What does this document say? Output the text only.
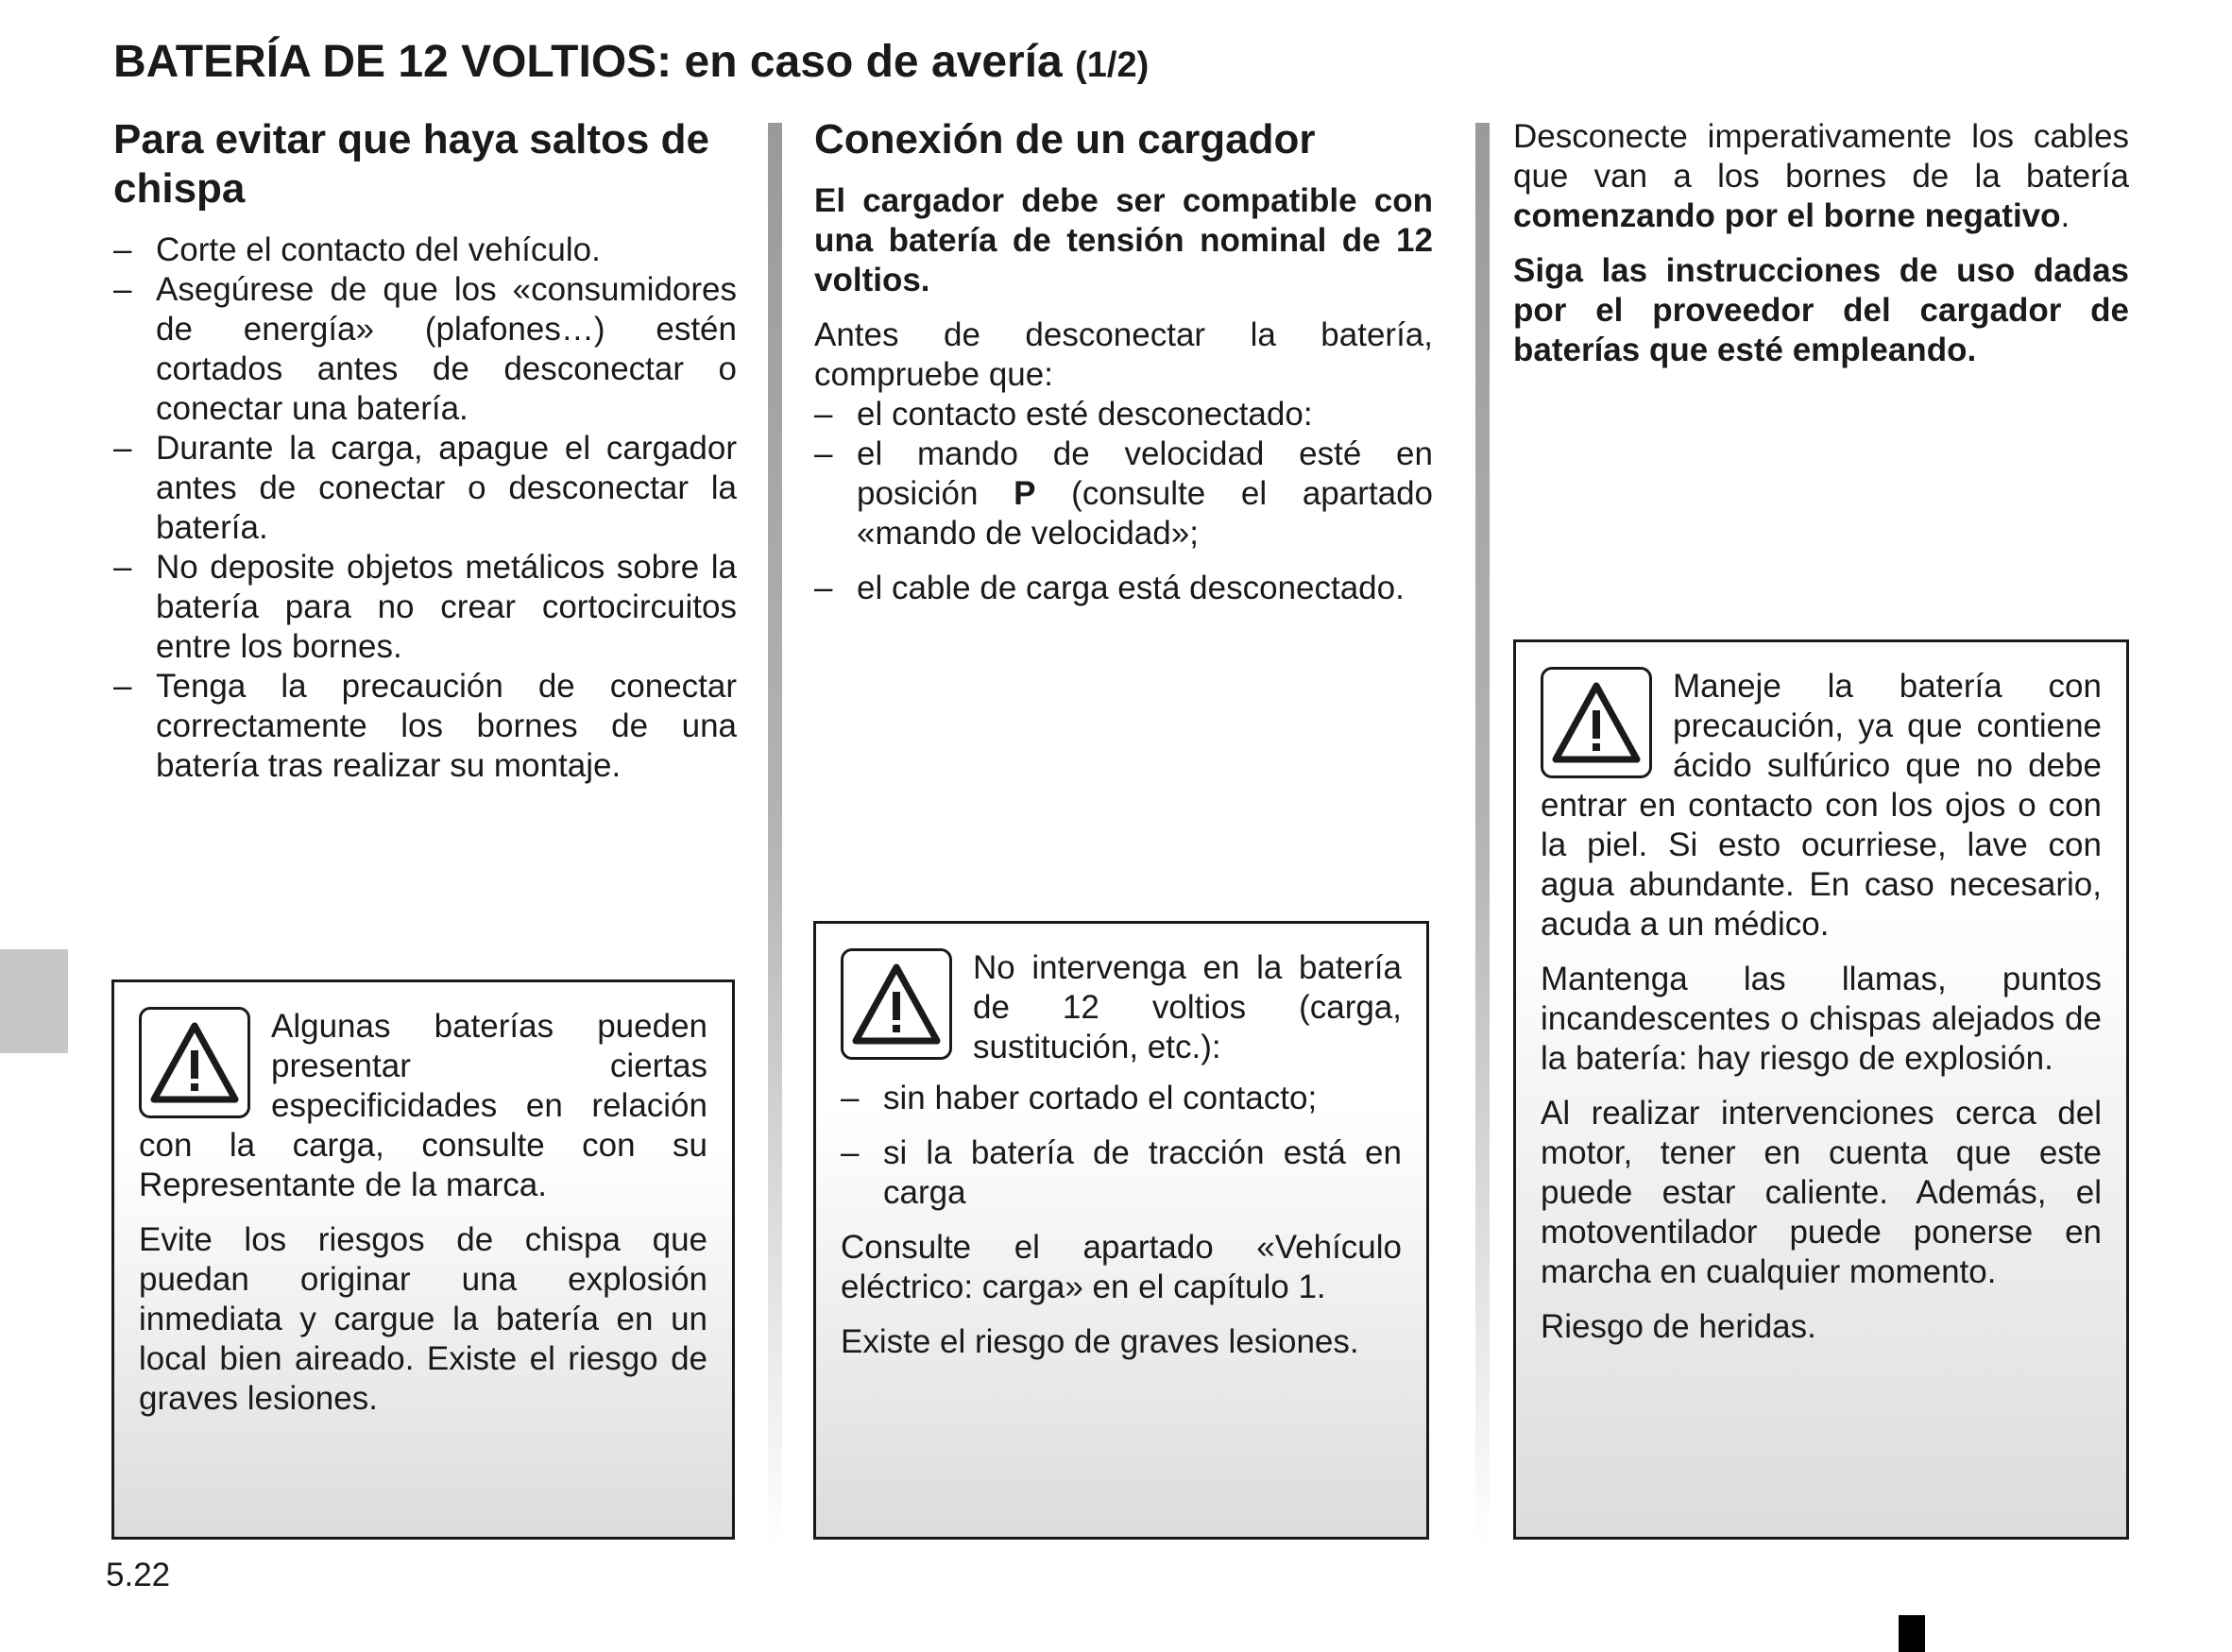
BATERÍA DE 12 VOLTIOS: en caso de avería (1/2)
Para evitar que haya saltos de chispa
– Corte el contacto del vehículo.
– Asegúrese de que los «consumidores de energía» (plafones…) estén cortados antes de desconectar o conectar una batería.
– Durante la carga, apague el cargador antes de conectar o desconectar la batería.
– No deposite objetos metálicos sobre la batería para no crear cortocircuitos entre los bornes.
– Tenga la precaución de conectar correctamente los bornes de una batería tras realizar su montaje.

Algunas baterías pueden presentar ciertas especificidades en relación con la carga, consulte con su Representante de la marca.

Evite los riesgos de chispa que puedan originar una explosión inmediata y cargue la batería en un local bien aireado. Existe el riesgo de graves lesiones.

Conexión de un cargador

El cargador debe ser compatible con una batería de tensión nominal de 12 voltios.

Antes de desconectar la batería, compruebe que:

– el contacto esté desconectado:
– el mando de velocidad esté en posición P (consulte el apartado «mando de velocidad»;
– el cable de carga está desconectado.

No intervenga en la batería de 12 voltios (carga, sustitución, etc.):

– sin haber cortado el contacto;
– si la batería de tracción está en carga

Consulte el apartado «Vehículo eléctrico: carga» en el capítulo 1.

Existe el riesgo de graves lesiones.

Desconecte imperativamente los cables que van a los bornes de la batería comenzando por el borne negativo.

Siga las instrucciones de uso dadas por el proveedor del cargador de baterías que esté empleando.

Maneje la batería con precaución, ya que contiene ácido sulfúrico que no debe entrar en contacto con los ojos o con la piel. Si esto ocurriese, lave con agua abundante. En caso necesario, acuda a un médico.

Mantenga las llamas, puntos incandescentes o chispas alejados de la batería: hay riesgo de explosión.

Al realizar intervenciones cerca del motor, tener en cuenta que este puede estar caliente. Además, el motoventilador puede ponerse en marcha en cualquier momento.

Riesgo de heridas.

5.22
